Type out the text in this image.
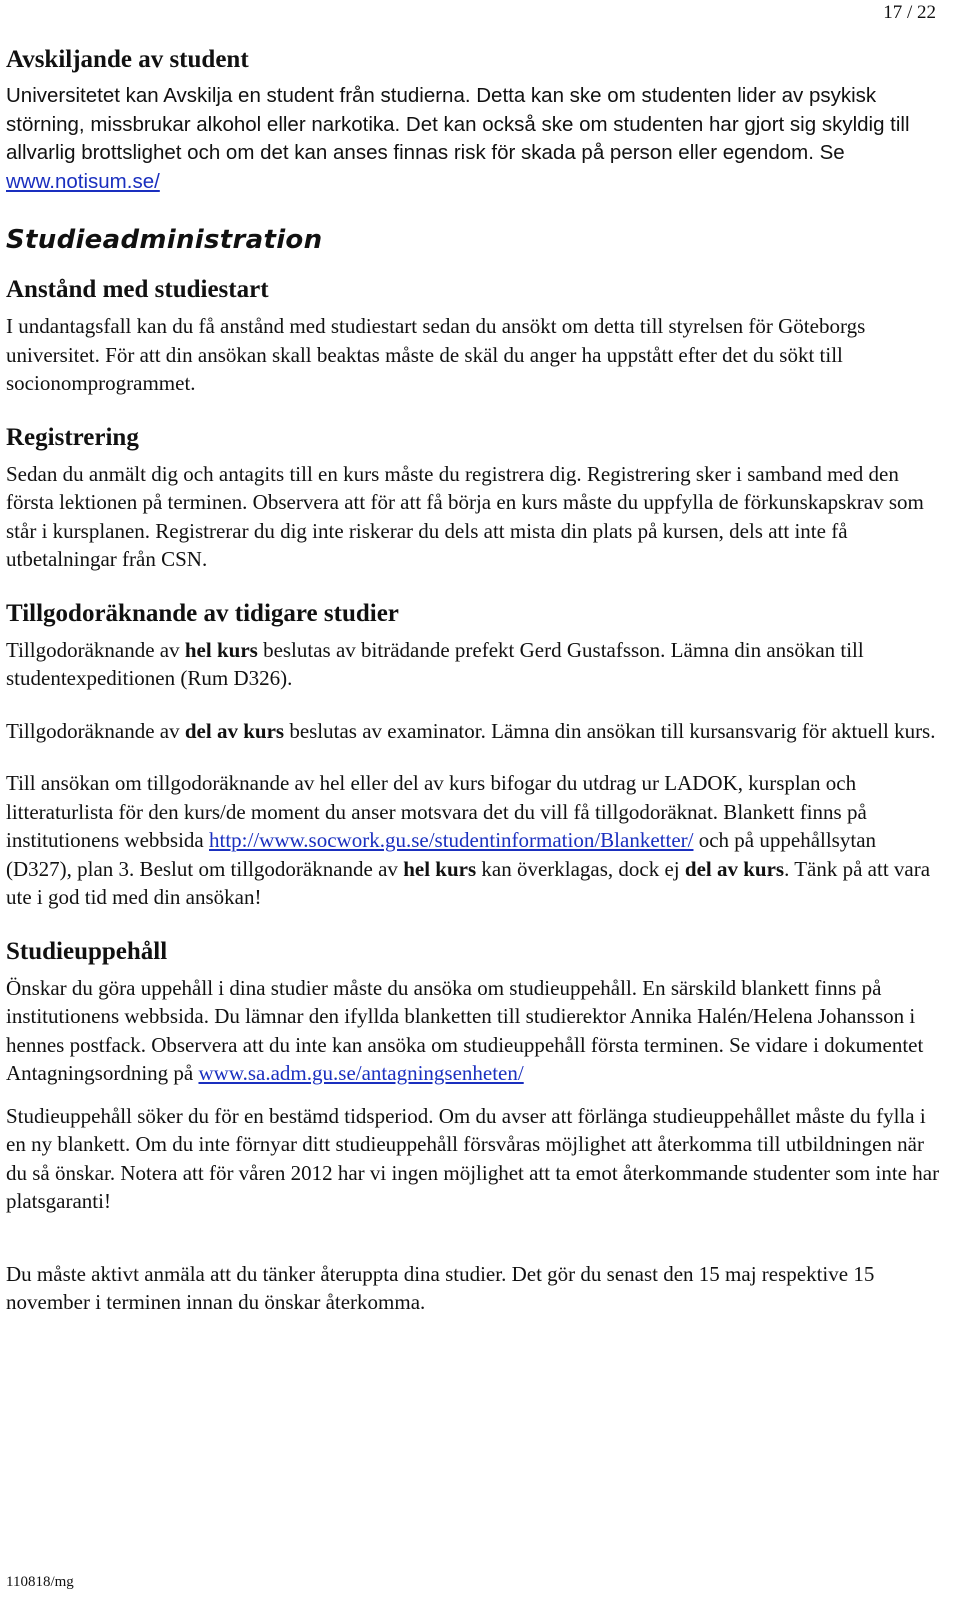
17 / 22
Avskiljande av student

Universitetet kan Avskilja en student från studierna. Detta kan ske om studenten lider av psykisk störning, missbrukar alkohol eller narkotika. Det kan också ske om studenten har gjort sig skyldig till allvarlig brottslighet och om det kan anses finnas risk för skada på person eller egendom. Se www.notisum.se/

Studieadministration
Anstånd med studiestart

I undantagsfall kan du få anstånd med studiestart sedan du ansökt om detta till styrelsen för Göteborgs universitet. För att din ansökan skall beaktas måste de skäl du anger ha uppstått efter det du sökt till socionomprogrammet.

Registrering

Sedan du anmält dig och antagits till en kurs måste du registrera dig. Registrering sker i samband med den första lektionen på terminen. Observera att för att få börja en kurs måste du uppfylla de förkunskapskrav som står i kursplanen. Registrerar du dig inte riskerar du dels att mista din plats på kursen, dels att inte få utbetalningar från CSN.

Tillgodoräknande av tidigare studier

Tillgodoräknande av hel kurs beslutas av biträdande prefekt Gerd Gustafsson. Lämna din ansökan till studentexpeditionen (Rum D326).

Tillgodoräknande av del av kurs beslutas av examinator. Lämna din ansökan till kursansvarig för aktuell kurs.

Till ansökan om tillgodoräknande av hel eller del av kurs bifogar du utdrag ur LADOK, kursplan och litteraturlista för den kurs/de moment du anser motsvara det du vill få tillgodoräknat. Blankett finns på institutionens webbsida http://www.socwork.gu.se/studentinformation/Blanketter/ och på uppehållsytan (D327), plan 3. Beslut om tillgodoräknande av hel kurs kan överklagas, dock ej del av kurs. Tänk på att vara ute i god tid med din ansökan!

Studieuppehåll

Önskar du göra uppehåll i dina studier måste du ansöka om studieuppehåll. En särskild blankett finns på institutionens webbsida. Du lämnar den ifyllda blanketten till studierektor Annika Halén/Helena Johansson i hennes postfack. Observera att du inte kan ansöka om studieuppehåll första terminen. Se vidare i dokumentet Antagningsordning på www.sa.adm.gu.se/antagningsenheten/

Studieuppehåll söker du för en bestämd tidsperiod. Om du avser att förlänga studieuppehållet måste du fylla i en ny blankett. Om du inte förnyar ditt studieuppehåll försvåras möjlighet att återkomma till utbildningen när du så önskar. Notera att för våren 2012 har vi ingen möjlighet att ta emot återkommande studenter som inte har platsgaranti!

Du måste aktivt anmäla att du tänker återuppta dina studier. Det gör du senast den 15 maj respektive 15 november i terminen innan du önskar återkomma.

110818/mg
